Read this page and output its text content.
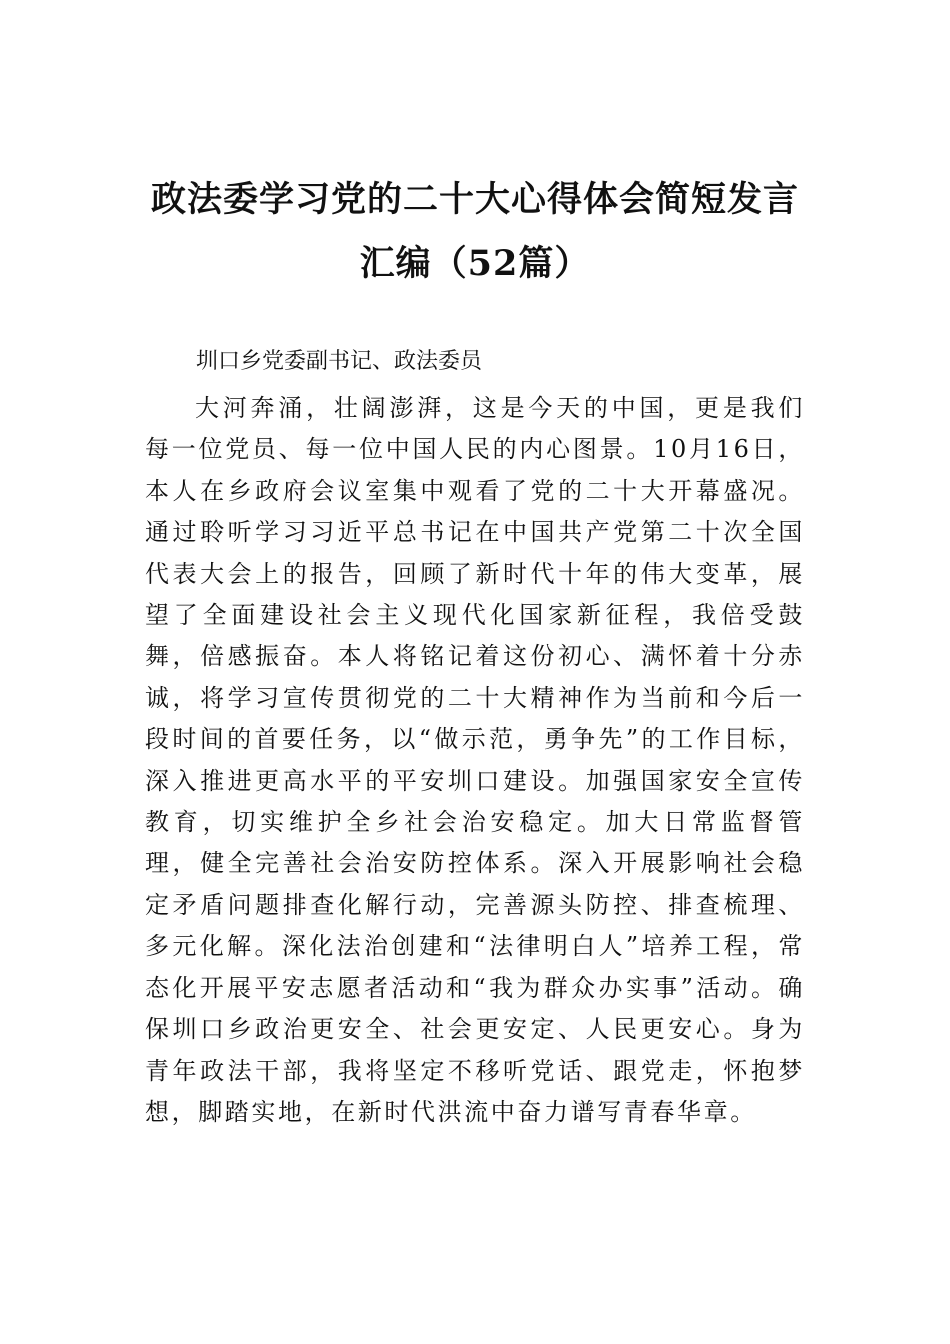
政法委学习党的二十大心得体会简短发言
汇编（52篇）
圳口乡党委副书记、政法委员

大河奔涌，壮阔澎湃，这是今天的中国，更是我们每一位党员、每一位中国人民的内心图景。10月16日，本人在乡政府会议室集中观看了党的二十大开幕盛况。通过聆听学习习近平总书记在中国共产党第二十次全国代表大会上的报告，回顾了新时代十年的伟大变革，展望了全面建设社会主义现代化国家新征程，我倍受鼓舞，倍感振奋。本人将铭记着这份初心、满怀着十分赤诚，将学习宣传贯彻党的二十大精神作为当前和今后一段时间的首要任务，以“做示范，勇争先”的工作目标，深入推进更高水平的平安圳口建设。加强国家安全宣传教育，切实维护全乡社会治安稳定。加大日常监督管理，健全完善社会治安防控体系。深入开展影响社会稳定矛盾问题排查化解行动，完善源头防控、排查梳理、多元化解。深化法治创建和“法律明白人”培养工程，常态化开展平安志愿者活动和“我为群众办实事”活动。确保圳口乡政治更安全、社会更安定、人民更安心。身为青年政法干部，我将坚定不移听党话、跟党走，怀抱梦想，脚踏实地，在新时代洪流中奋力谱写青春华章。
